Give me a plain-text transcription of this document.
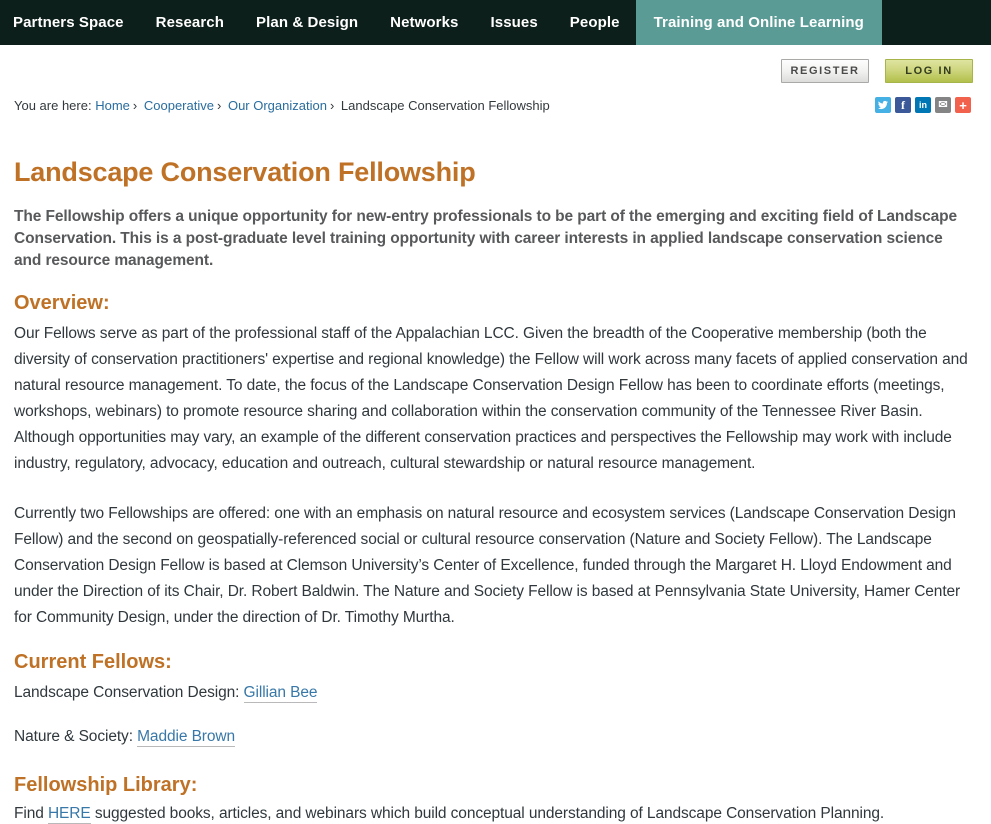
Partners Space	Research	Plan & Design	Networks	Issues	People	Training and Online Learning
REGISTER	LOG IN
You are here: Home › Cooperative › Our Organization › Landscape Conservation Fellowship	f	in	✉ +
Landscape Conservation Fellowship

The Fellowship offers a unique opportunity for new-entry professionals to be part of the emerging and exciting field of Landscape Conservation. This is a post-graduate level training opportunity with career interests in applied landscape conservation science and resource management.

Overview:

Our Fellows serve as part of the professional staff of the Appalachian LCC. Given the breadth of the Cooperative membership (both the diversity of conservation practitioners' expertise and regional knowledge) the Fellow will work across many facets of applied conservation and natural resource management. To date, the focus of the Landscape Conservation Design Fellow has been to coordinate efforts (meetings, workshops, webinars) to promote resource sharing and collaboration within the conservation community of the Tennessee River Basin. Although opportunities may vary, an example of the different conservation practices and perspectives the Fellowship may work with include industry, regulatory, advocacy, education and outreach, cultural stewardship or natural resource management.

Currently two Fellowships are offered: one with an emphasis on natural resource and ecosystem services (Landscape Conservation Design Fellow) and the second on geospatially-referenced social or cultural resource conservation (Nature and Society Fellow). The Landscape Conservation Design Fellow is based at Clemson University’s Center of Excellence, funded through the Margaret H. Lloyd Endowment and under the Direction of its Chair, Dr. Robert Baldwin. The Nature and Society Fellow is based at Pennsylvania State University, Hamer Center for Community Design, under the direction of Dr. Timothy Murtha.

Current Fellows:

Landscape Conservation Design: Gillian Bee

Nature & Society: Maddie Brown

Fellowship Library:

Find HERE suggested books, articles, and webinars which build conceptual understanding of Landscape Conservation Planning.
